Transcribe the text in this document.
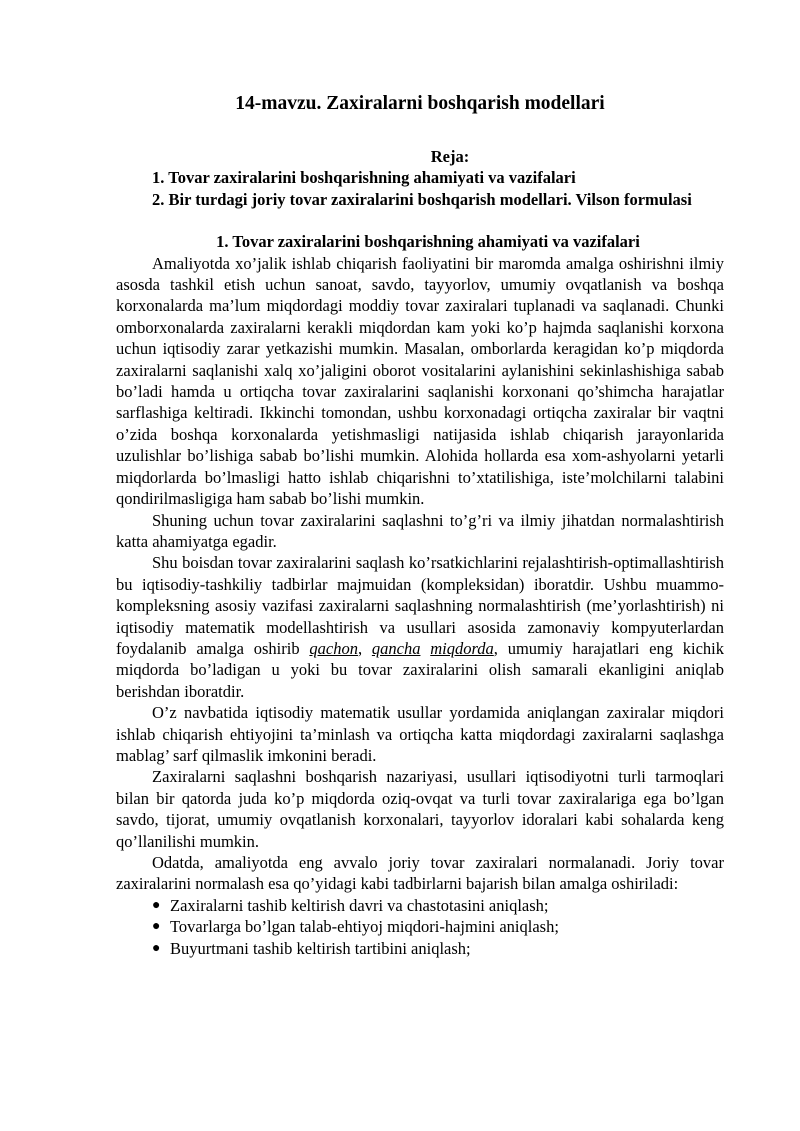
14-mavzu. Zaxiralarni boshqarish modellari
Reja:

1. Tovar zaxiralarini boshqarishning ahamiyati va vazifalari

2. Bir turdagi joriy tovar zaxiralarini boshqarish modellari. Vilson formulasi

1. Tovar zaxiralarini boshqarishning ahamiyati va vazifalari

Amaliyotda xo’jalik ishlab chiqarish faoliyatini bir maromda amalga oshirishni ilmiy asosda tashkil etish uchun sanoat, savdo, tayyorlov, umumiy ovqatlanish va boshqa korxonalarda ma’lum miqdordagi moddiy tovar zaxiralari tuplanadi va saqlanadi. Chunki omborxonalarda zaxiralarni kerakli miqdordan kam yoki ko’p hajmda saqlanishi korxona uchun iqtisodiy zarar yetkazishi mumkin. Masalan, omborlarda keragidan ko’p miqdorda zaxiralarni saqlanishi xalq xo’jaligini oborot vositalarini aylanishini sekinlashishiga sabab bo’ladi hamda u ortiqcha tovar zaxiralarini saqlanishi korxonani qo’shimcha harajatlar sarflashiga keltiradi. Ikkinchi tomondan, ushbu korxonadagi ortiqcha zaxiralar bir vaqtni o’zida boshqa korxonalarda yetishmasligi natijasida ishlab chiqarish jarayonlarida uzulishlar bo’lishiga sabab bo’lishi mumkin. Alohida hollarda esa xom-ashyolarni yetarli miqdorlarda bo’lmasligi hatto ishlab chiqarishni to’xtatilishiga, iste’molchilarni talabini qondirilmasligiga ham sabab bo’lishi mumkin.

Shuning uchun tovar zaxiralarini saqlashni to’g’ri va ilmiy jihatdan normalashtirish katta ahamiyatga egadir.

Shu boisdan tovar zaxiralarini saqlash ko’rsatkichlarini rejalashtirish-optimallashtirish bu iqtisodiy-tashkiliy tadbirlar majmuidan (kompleksidan) iboratdir. Ushbu muammo-kompleksning asosiy vazifasi zaxiralarni saqlashning normalashtirish (me’yorlashtirish) ni iqtisodiy matematik modellashtirish va usullari asosida zamonaviy kompyuterlardan foydalanib amalga oshirib qachon, qancha miqdorda, umumiy harajatlari eng kichik miqdorda bo’ladigan u yoki bu tovar zaxiralarini olish samarali ekanligini aniqlab berishdan iboratdir.

O’z navbatida iqtisodiy matematik usullar yordamida aniqlangan zaxiralar miqdori ishlab chiqarish ehtiyojini ta’minlash va ortiqcha katta miqdordagi zaxiralarni saqlashga mablag’ sarf qilmaslik imkonini beradi.

Zaxiralarni saqlashni boshqarish nazariyasi, usullari iqtisodiyotni turli tarmoqlari bilan bir qatorda juda ko’p miqdorda oziq-ovqat va turli tovar zaxiralariga ega bo’lgan savdo, tijorat, umumiy ovqatlanish korxonalari, tayyorlov idoralari kabi sohalarda keng qo’llanilishi mumkin.

Odatda, amaliyotda eng avvalo joriy tovar zaxiralari normalanadi. Joriy tovar zaxiralarini normalash esa qo’yidagi kabi tadbirlarni bajarish bilan amalga oshiriladi:

● Zaxiralarni tashib keltirish davri va chastotasini aniqlash;
● Tovarlarga bo’lgan talab-ehtiyoj miqdori-hajmini aniqlash;
● Buyurtmani tashib keltirish tartibini aniqlash;
